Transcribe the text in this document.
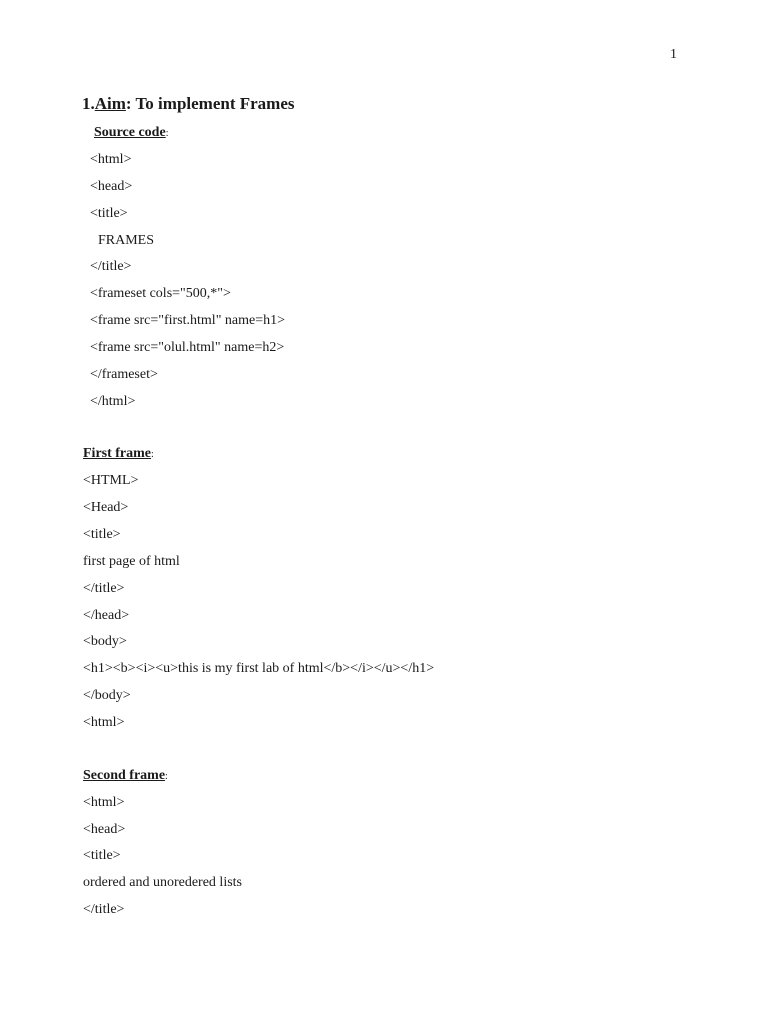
1
1.Aim: To implement Frames
Source code:
<html>
<head>
<title>
FRAMES
</title>
<frameset cols="500,*">
<frame src="first.html" name=h1>
<frame src="olul.html" name=h2>
</frameset>
</html>
First frame:
<HTML>
<Head>
<title>
first page of html
</title>
</head>
<body>
<h1><b><i><u>this is my first lab of html</b></i></u></h1>
</body>
<html>
Second frame:
<html>
<head>
<title>
ordered and unoredered lists
</title>
